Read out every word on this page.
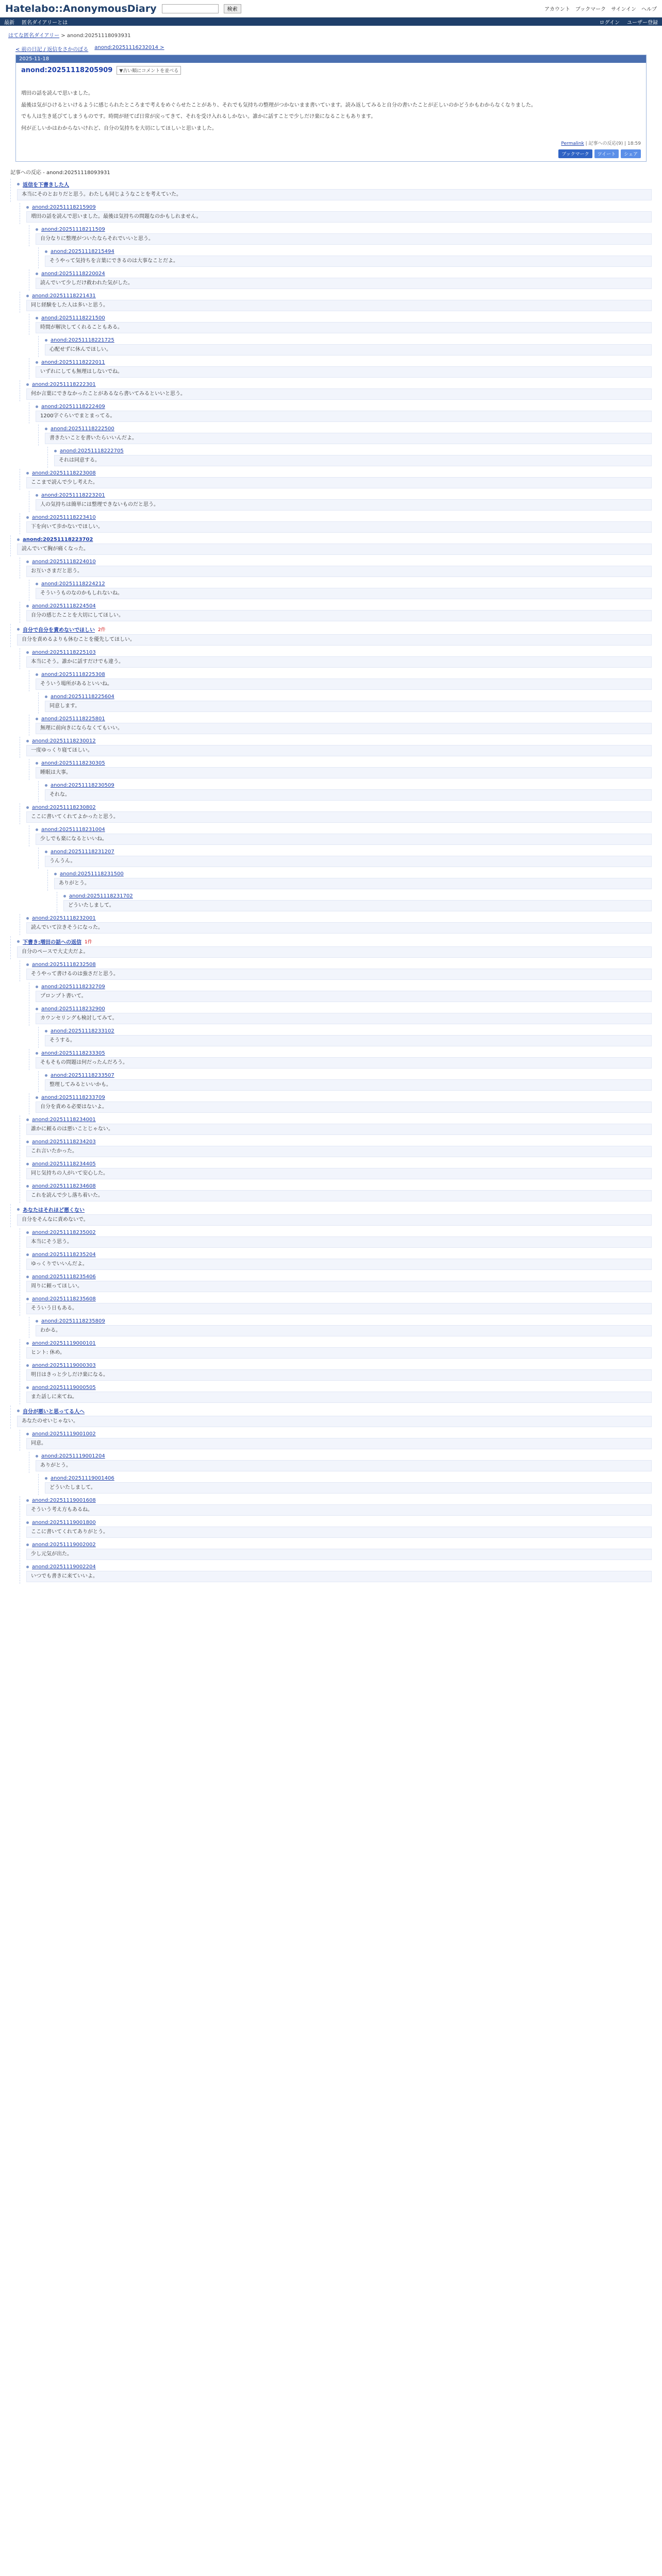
Hatelabo::AnonymousDiary	検索	アカウント ブックマーク サインイン ヘルプ
最新 匿名ダイアリーとは	ログイン ユーザー登録
はてな匿名ダイアリー > anond:20251118093931
< 前の日記 / 返信をさかのぼる anond:20251116232014 >
2025-11-18
anond:20251118205909	▼古い順にコメントを並べる

増田の話を読んで思いました。

最後は気がひけるといけるように感じられたところまで考えをめぐらせたことがあり、それでも気持ちの整理がつかないまま書いています。読み返してみると自分の書いたことが正しいのかどうかもわからなくなりました。

でも人は生き延びてしまうものです。時間が経てば日常が戻ってきて、それを受け入れるしかない。誰かに話すことで少しだけ楽になることもあります。

何が正しいかはわからないけれど、自分の気持ちを大切にしてほしいと思いました。

Permalink | 記事への反応(9) | 18:59
ブックマーク	ツイート	シェア
記事への反応 - anond:20251118093931
返信を下書きした人
本当にそのとおりだと思う。わたしも同じようなことを考えていた。
anond:20251118215909
増田の話を読んで思いました。最後は気持ちの問題なのかもしれません。
anond:20251118211509
自分なりに整理がついたならそれでいいと思う。
anond:20251118215494
そうやって気持ちを言葉にできるのは大事なことだよ。
anond:20251118220024
読んでいて少しだけ救われた気がした。
anond:20251118221431
同じ経験をした人は多いと思う。
anond:20251118221500
時間が解決してくれることもある。
anond:20251118221725
心配せずに休んでほしい。
anond:20251118222011
いずれにしても無理はしないでね。
anond:20251118222301
何か言葉にできなかったことがあるなら書いてみるといいと思う。
anond:20251118222409
1200字ぐらいでまとまってる。
anond:20251118222500
書きたいことを書いたらいいんだよ。
anond:20251118222705
それは同意する。
anond:20251118223008
ここまで読んで少し考えた。
anond:20251118223201
人の気持ちは簡単には整理できないものだと思う。
anond:20251118223410
下を向いて歩かないでほしい。
anond:20251118223702
読んでいて胸が痛くなった。
anond:20251118224010
お互いさまだと思う。
anond:20251118224212
そういうものなのかもしれないね。
anond:20251118224504
自分の感じたことを大切にしてほしい。
自分で自分を責めないでほしい 2件
自分を責めるよりも休むことを優先してほしい。
anond:20251118225103
本当にそう。誰かに話すだけでも違う。
anond:20251118225308
そういう場所があるといいね。
anond:20251118225604
同意します。
anond:20251118225801
無理に前向きにならなくてもいい。
anond:20251118230012
一度ゆっくり寝てほしい。
anond:20251118230305
睡眠は大事。
anond:20251118230509
それな。
anond:20251118230802
ここに書いてくれてよかったと思う。
anond:20251118231004
少しでも楽になるといいね。
anond:20251118231207
うんうん。
anond:20251118231500
ありがとう。
anond:20251118231702
どういたしまして。
anond:20251118232001
読んでいて泣きそうになった。
下書き:増田の話への返信 1件
自分のペースで大丈夫だよ。
anond:20251118232508
そうやって書けるのは強さだと思う。
anond:20251118232709
プロンプト書いて。
anond:20251118232900
カウンセリングも検討してみて。
anond:20251118233102
そうする。
anond:20251118233305
そもそもの問題は何だったんだろう。
anond:20251118233507
整理してみるといいかも。
anond:20251118233709
自分を責める必要はないよ。
anond:20251118234001
誰かに頼るのは悪いことじゃない。
anond:20251118234203
これ言いたかった。
anond:20251118234405
同じ気持ちの人がいて安心した。
anond:20251118234608
これを読んで少し落ち着いた。
あなたはそれほど悪くない
自分をそんなに責めないで。
anond:20251118235002
本当にそう思う。
anond:20251118235204
ゆっくりでいいんだよ。
anond:20251118235406
周りに頼ってほしい。
anond:20251118235608
そういう日もある。
anond:20251118235809
わかる。
anond:20251119000101
ヒント: 休め。
anond:20251119000303
明日はきっと少しだけ楽になる。
anond:20251119000505
また話しに来てね。
自分が悪いと思ってる人へ
あなたのせいじゃない。
anond:20251119001002
同意。
anond:20251119001204
ありがとう。
anond:20251119001406
どういたしまして。
anond:20251119001608
そういう考え方もあるね。
anond:20251119001800
ここに書いてくれてありがとう。
anond:20251119002002
少し元気が出た。
anond:20251119002204
いつでも書きに来ていいよ。
